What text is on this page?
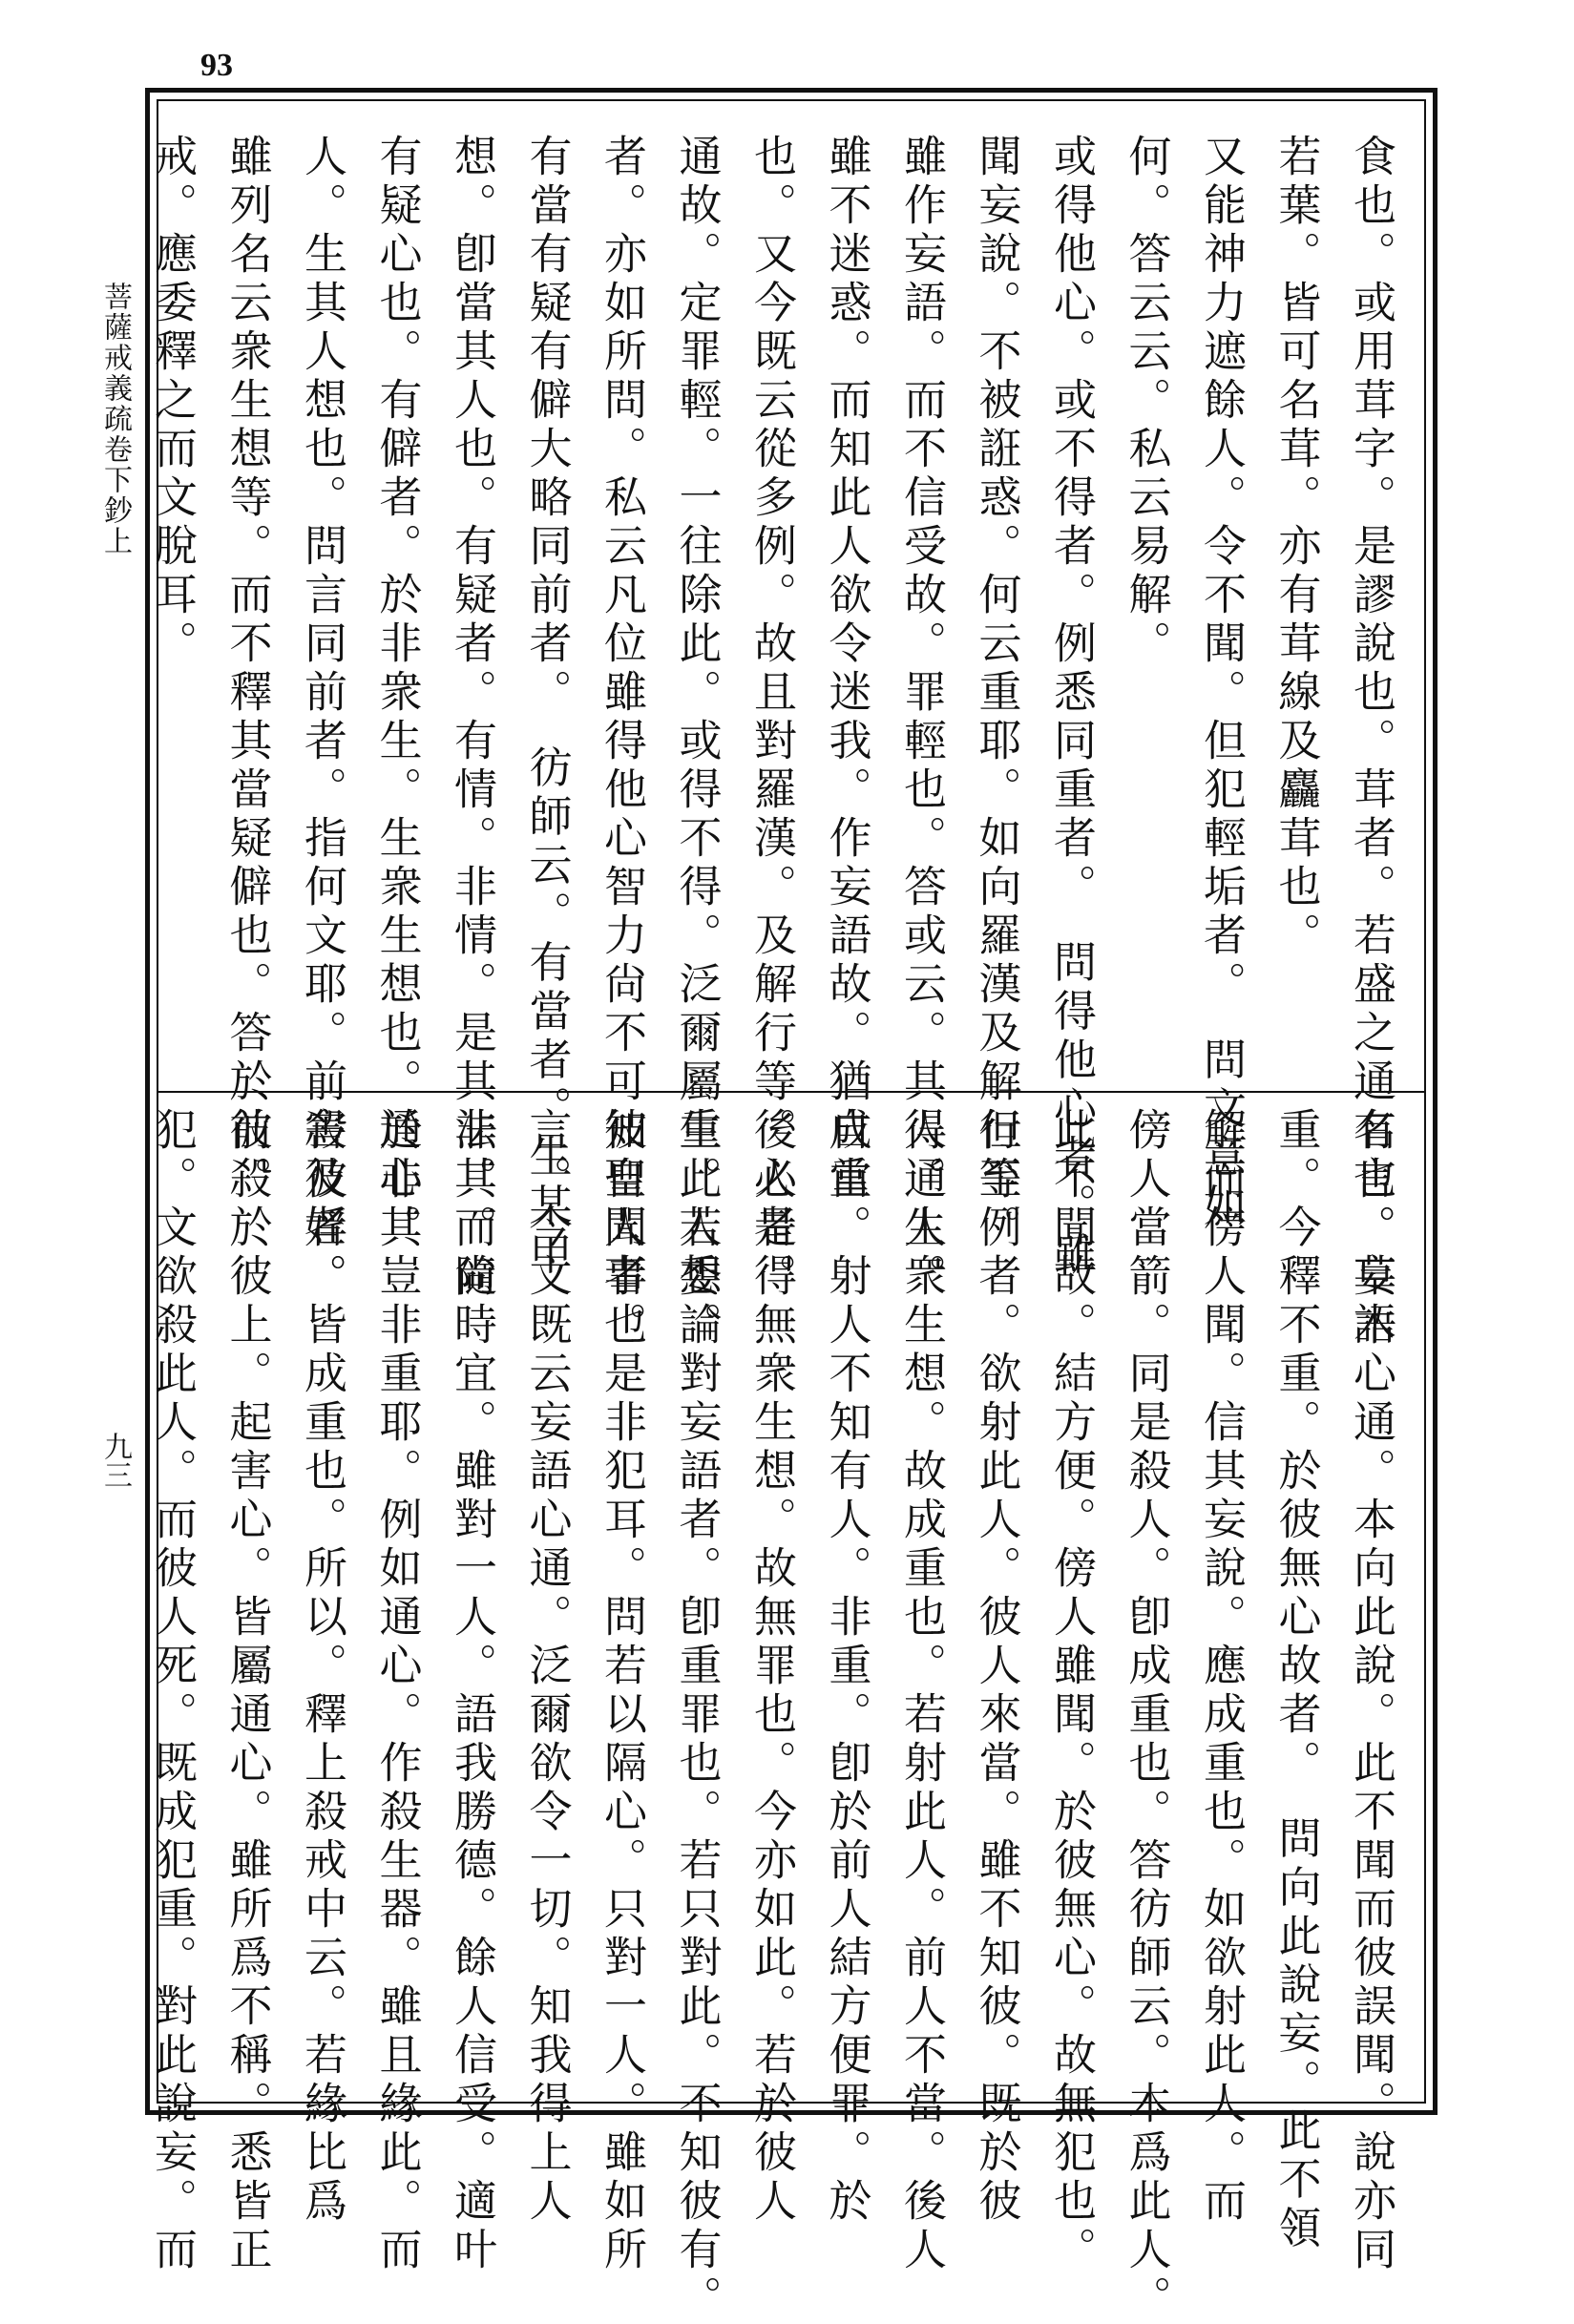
93
菩薩戒義疏卷下鈔上
九三
食也。或用茸字。是謬說也。茸者。若盛之通名也。草木
若葉。皆可名茸。亦有茸線及麤茸也。
又能神力遮餘人。令不聞。但犯輕垢者。　問文意如
何。答云云。私云易解。
或得他心。或不得者。例悉同重者。　問得他心者。雖
聞妄說。不被誑惑。何云重耶。如向羅漢及解行等。
雖作妄語。而不信受故。罪輕也。答或云。其得通人。
雖不迷惑。而知此人欲令迷我。作妄語故。猶成重
也。又今既云從多例。故且對羅漢。及解行等。必是得
通故。定罪輕。一往除此。或得不得。泛爾屬重。若委論
者。亦如所問。私云凡位雖得他心智力尙不可知聖人事也
有當有疑有僻大略同前者。　彷師云。有當者。生某甲
想。卽當其人也。有疑者。有情。非情。是其非其。尙
有疑心也。有僻者。於非衆生。生衆生想也。於非其
人。生其人想也。問言同前者。指何文耶。前殺及婬。
雖列名云衆生想等。而不釋其當疑僻也。答於前殺
戒。應委釋之而文脫耳。
有言。妄語心通。本向此說。此不聞而彼誤聞。說亦同
重。今釋不重。於彼無心故者。　問向此說妄。此不領
解而傍人聞。信其妄說。應成重也。如欲射此人。而
傍人當箭。同是殺人。卽成重也。答彷師云。本爲此人。
此不聞故。結方便。傍人雖聞。於彼無心。故無犯也。
但至例者。欲射此人。彼人來當。雖不知彼。既於彼
人。生衆生想。故成重也。若射此人。前人不當。後人
自當。射人不知有人。非重。卽於前人結方便罪。於
後人者。無衆生想。故無罪也。今亦如此。若於彼人
生此人想。對妄語者。卽重罪也。若只對此。不知彼有。
彼自聞者。是非犯耳。問若以隔心。只對一人。雖如所
言。今文既云妄語心通。泛爾欲令一切。知我得上人
法。而隨時宜。雖對一人。語我勝德。餘人信受。適叶
通心。豈非重耶。例如通心。作殺生器。雖且緣此。而
害彼者。皆成重也。所以。釋上殺戒中云。若緣比爲
彼。於彼上。起害心。皆屬通心。雖所爲不稱。悉皆正
犯。文欲殺此人。而彼人死。既成犯重。對此說妄。而
